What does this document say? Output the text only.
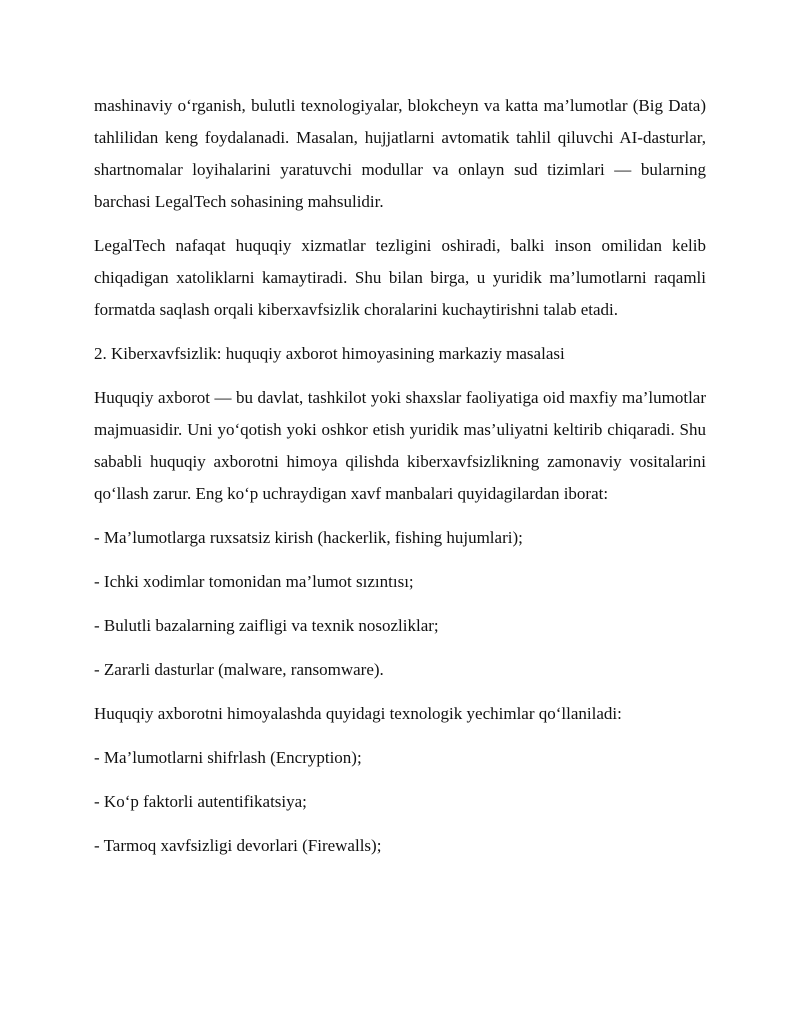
mashinaviy o‘rganish, bulutli texnologiyalar, blokcheyn va katta ma’lumotlar (Big Data) tahlilidan keng foydalanadi. Masalan, hujjatlarni avtomatik tahlil qiluvchi AI-dasturlar, shartnomalar loyihalarini yaratuvchi modullar va onlayn sud tizimlari — bularning barchasi LegalTech sohasining mahsulidir.

LegalTech nafaqat huquqiy xizmatlar tezligini oshiradi, balki inson omilidan kelib chiqadigan xatoliklarni kamaytiradi. Shu bilan birga, u yuridik ma’lumotlarni raqamli formatda saqlash orqali kiberxavfsizlik choralarini kuchaytirishni talab etadi.

2. Kiberxavfsizlik: huquqiy axborot himoyasining markaziy masalasi

Huquqiy axborot — bu davlat, tashkilot yoki shaxslar faoliyatiga oid maxfiy ma’lumotlar majmuasidir. Uni yo‘qotish yoki oshkor etish yuridik mas’uliyatni keltirib chiqaradi. Shu sababli huquqiy axborotni himoya qilishda kiberxavfsizlikning zamonaviy vositalarini qo‘llash zarur. Eng ko‘p uchraydigan xavf manbalari quyidagilardan iborat:

- Ma’lumotlarga ruxsatsiz kirish (hackerlik, fishing hujumlari);

- Ichki xodimlar tomonidan ma’lumot sızıntısı;

- Bulutli bazalarning zaifligi va texnik nosozliklar;

- Zararli dasturlar (malware, ransomware).

Huquqiy axborotni himoyalashda quyidagi texnologik yechimlar qo‘llaniladi:

- Ma’lumotlarni shifrlash (Encryption);

- Ko‘p faktorli autentifikatsiya;

- Tarmoq xavfsizligi devorlari (Firewalls);
